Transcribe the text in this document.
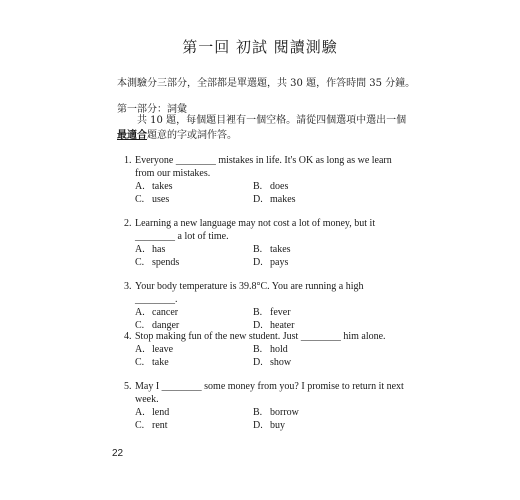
第一回 初試 閱讀測驗
本測驗分三部分，全部都是單選題，共 30 題，作答時間 35 分鐘。
第一部分：詞彙
共 10 題，每個題目裡有一個空格。請從四個選項中選出一個最適合題意的字或詞作答。
1. Everyone ________ mistakes in life. It's OK as long as we learn from our mistakes.
A. takes	B. does
C. uses	D. makes
2. Learning a new language may not cost a lot of money, but it ________ a lot of time.
A. has	B. takes
C. spends	D. pays
3. Your body temperature is 39.8°C. You are running a high ________.
A. cancer	B. fever
C. danger	D. heater
4. Stop making fun of the new student. Just ________ him alone.
A. leave	B. hold
C. take	D. show
5. May I ________ some money from you? I promise to return it next week.
A. lend	B. borrow
C. rent	D. buy
22
